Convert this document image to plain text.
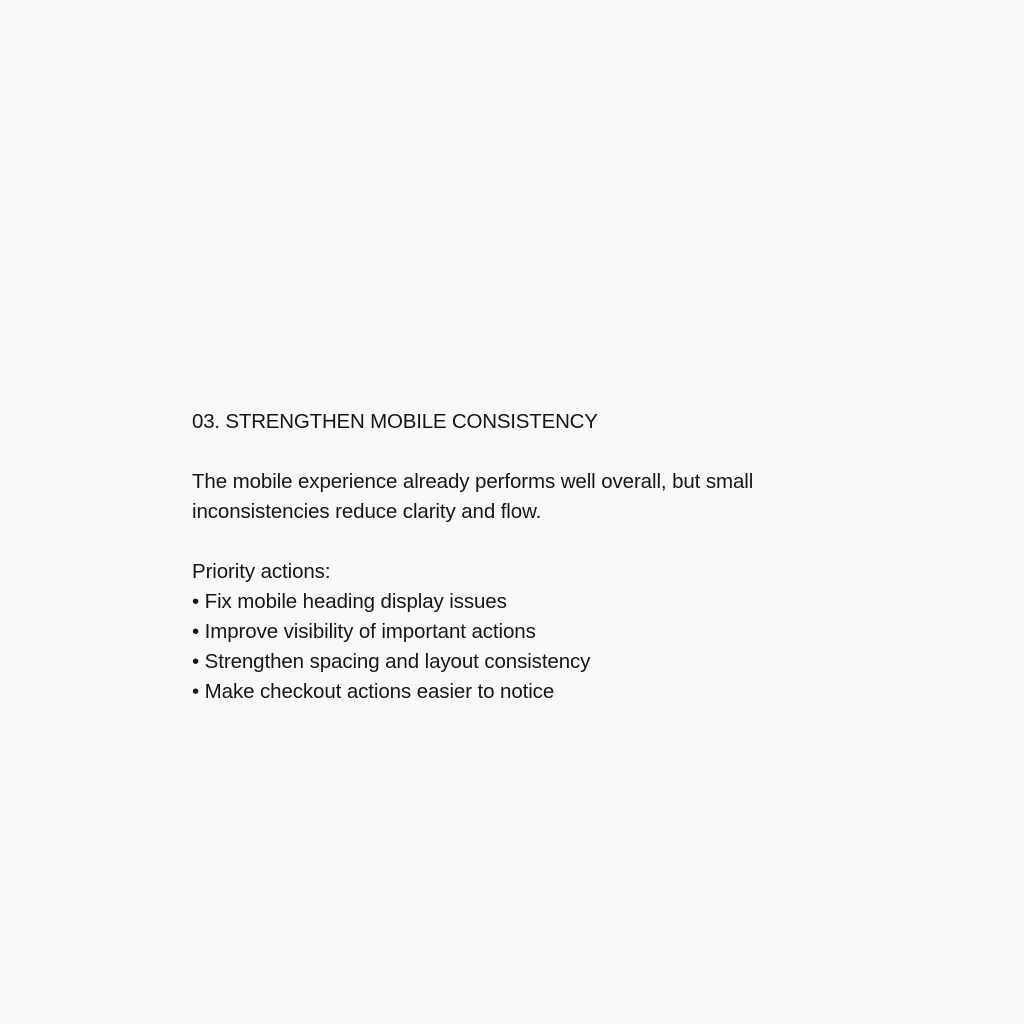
03. STRENGTHEN MOBILE CONSISTENCY
The mobile experience already performs well overall, but small
inconsistencies reduce clarity and flow.
Priority actions:
• Fix mobile heading display issues
• Improve visibility of important actions
• Strengthen spacing and layout consistency
• Make checkout actions easier to notice
